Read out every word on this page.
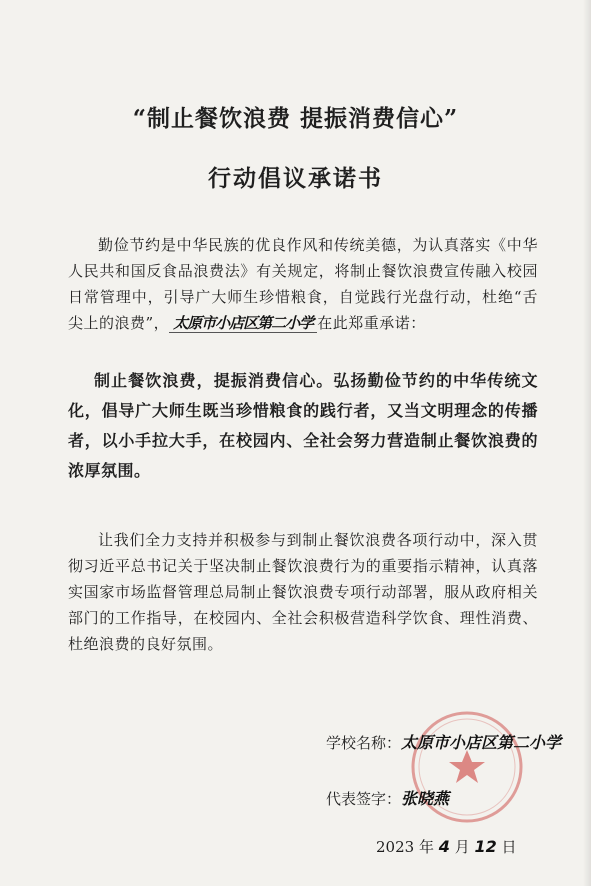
“制止餐饮浪费 提振消费信心”
行动倡议承诺书
勤俭节约是中华民族的优良作风和传统美德，为认真落实《中华人民共和国反食品浪费法》有关规定，将制止餐饮浪费宣传融入校园日常管理中，引导广大师生珍惜粮食，自觉践行光盘行动，杜绝“舌尖上的浪费”， 太原市小店区第二小学 在此郑重承诺：
制止餐饮浪费，提振消费信心。弘扬勤俭节约的中华传统文化，倡导广大师生既当珍惜粮食的践行者，又当文明理念的传播者，以小手拉大手，在校园内、全社会努力营造制止餐饮浪费的浓厚氛围。
让我们全力支持并积极参与到制止餐饮浪费各项行动中，深入贯彻习近平总书记关于坚决制止餐饮浪费行为的重要指示精神，认真落实国家市场监督管理总局制止餐饮浪费专项行动部署，服从政府相关部门的工作指导，在校园内、全社会积极营造科学饮食、理性消费、杜绝浪费的良好氛围。
学校名称：太原市小店区第二小学
代表签字：张晓燕
2023 年 4 月 12 日
